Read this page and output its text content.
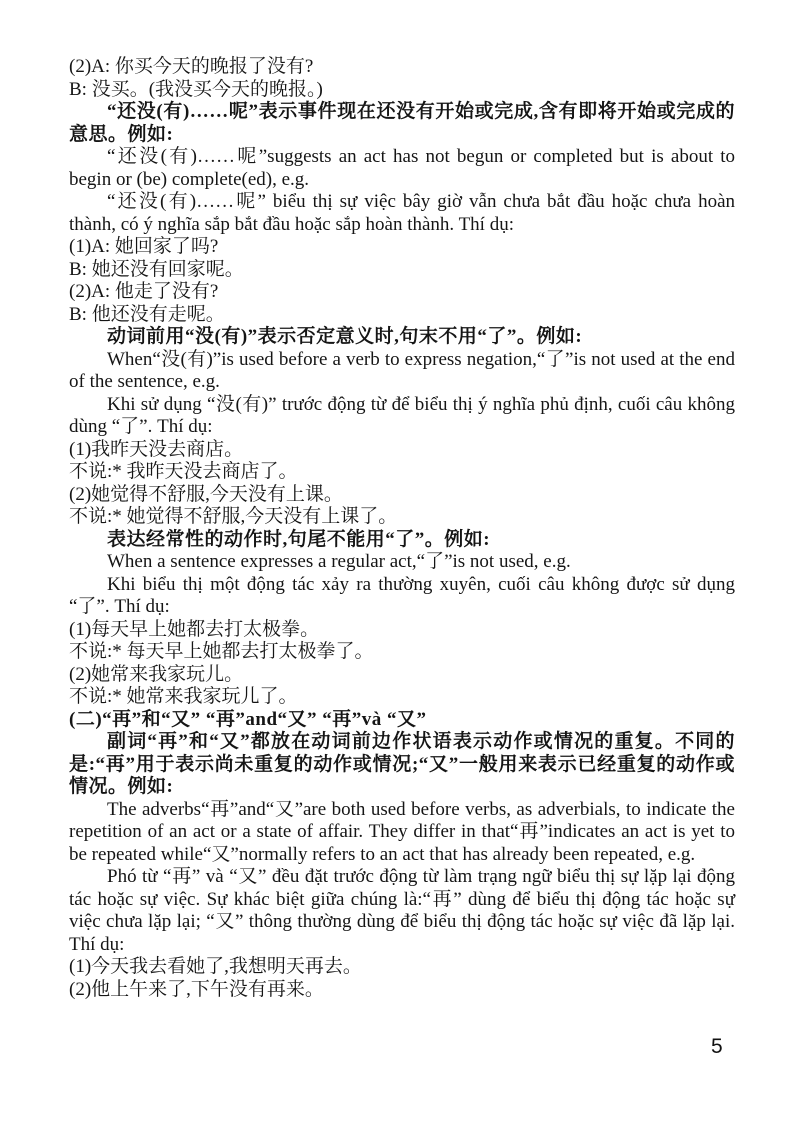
(2)A: 你买今天的晚报了没有?

B: 没买。(我没买今天的晚报。)

“还没(有)……呢”表示事件现在还没有开始或完成,含有即将开始或完成的意思。例如:

“还没(有)……呢”suggests an act has not begun or completed but is about to begin or (be) complete(ed), e.g.

“还没(有)……呢” biểu thị sự việc bây giờ vẫn chưa bắt đầu hoặc chưa hoàn thành, có ý nghĩa sắp bắt đầu hoặc sắp hoàn thành. Thí dụ:

(1)A: 她回家了吗?

B: 她还没有回家呢。

(2)A: 他走了没有?

B: 他还没有走呢。

动词前用“没(有)”表示否定意义时,句末不用“了”。例如:

When“没(有)”is used before a verb to express negation,“了”is not used at the end of the sentence, e.g.

Khi sử dụng “没(有)” trước động từ để biểu thị ý nghĩa phủ định, cuối câu không dùng “了”. Thí dụ:

(1)我昨天没去商店。

不说:* 我昨天没去商店了。

(2)她觉得不舒服,今天没有上课。

不说:* 她觉得不舒服,今天没有上课了。

表达经常性的动作时,句尾不能用“了”。例如:

When a sentence expresses a regular act,“了”is not used, e.g.

Khi biểu thị một động tác xảy ra thường xuyên, cuối câu không được sử dụng “了”. Thí dụ:

(1)每天早上她都去打太极拳。

不说:* 每天早上她都去打太极拳了。

(2)她常来我家玩儿。

不说:* 她常来我家玩儿了。

(二)“再”和“又” “再”and“又” “再”và “又”

副词“再”和“又”都放在动词前边作状语表示动作或情况的重复。不同的是:“再”用于表示尚未重复的动作或情况;“又”一般用来表示已经重复的动作或情况。例如:

The adverbs“再”and“又”are both used before verbs, as adverbials, to indicate the repetition of an act or a state of affair. They differ in that“再”indicates an act is yet to be repeated while“又”normally refers to an act that has already been repeated, e.g.

Phó từ “再” và “又” đều đặt trước động từ làm trạng ngữ biểu thị sự lặp lại động tác hoặc sự việc. Sự khác biệt giữa chúng là:“再” dùng để biểu thị động tác hoặc sự việc chưa lặp lại; “又” thông thường dùng để biểu thị động tác hoặc sự việc đã lặp lại. Thí dụ:

(1)今天我去看她了,我想明天再去。

(2)他上午来了,下午没有再来。

5
